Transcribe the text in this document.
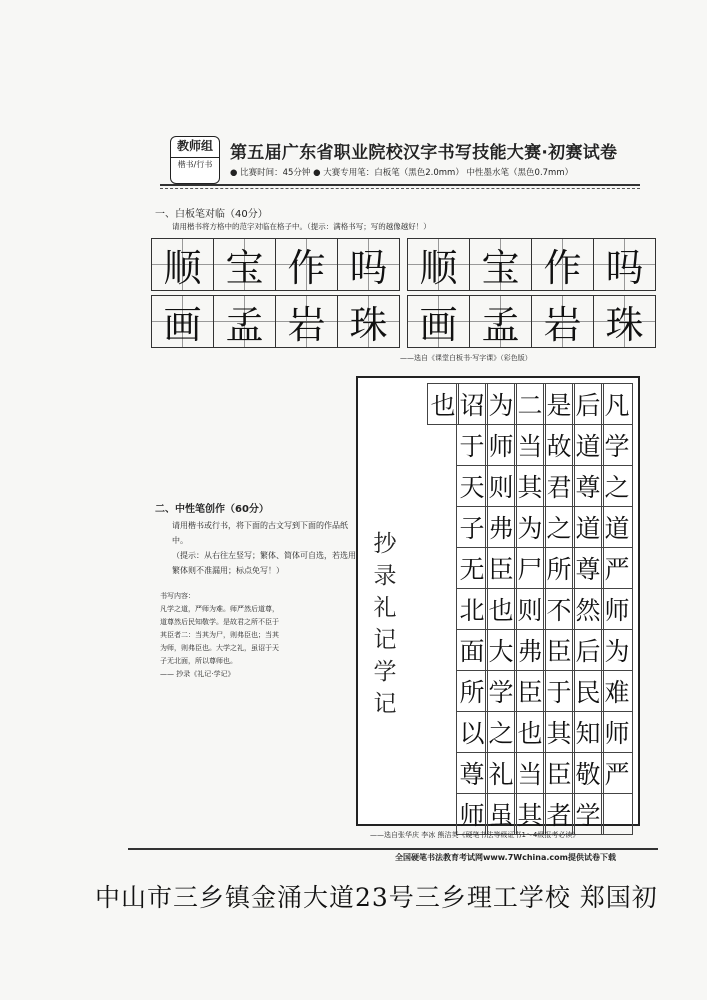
教师组
楷书/行书
第五届广东省职业院校汉字书写技能大赛·初赛试卷
● 比赛时间：45分钟 ● 大赛专用笔：白板笔（黑色2.0mm） 中性墨水笔（黑色0.7mm）
一、白板笔对临（40分）
请用楷书将方格中的范字对临在格子中。（提示：满格书写；写的越像越好！）
顺 宝 作 吗 顺 宝 作 吗
画 孟 岩 珠 画 孟 岩 珠
——选自《课堂白板书·写字课》（彩色版）
二、中性笔创作（60分）

请用楷书或行书，将下面的古文写到下面的作品纸中。

（提示：从右往左竖写；繁体、简体可自选，若选用繁体则不准漏用；标点免写！）

书写内容：

凡学之道，严师为难。师严然后道尊，

道尊然后民知敬学。是故君之所不臣于

其臣者二：当其为尸，则弗臣也；当其

为师，则弗臣也。大学之礼，虽诏于天

子无北面，所以尊师也。

—— 抄录《礼记·学记》

抄
录
礼
记
学
记
凡
学
之
道
严
师
为
难
师
严
后
道
尊
道
尊
然
后
民
知
敬
学
是
故
君
之
所
不
臣
于
其
臣
者
二
当
其
为
尸
则
弗
臣
也
当
其
为
师
则
弗
臣
也
大
学
之
礼
虽
诏
于
天
子
无
北
面
所
以
尊
师
也
——选自张华庆 李冰 熊洁英《硬笔书法等级证书1～4级报考必读》
全国硬笔书法教育考试网www.7Wchina.com提供试卷下载
中山市三乡镇金涌大道23号三乡理工学校 郑国初
